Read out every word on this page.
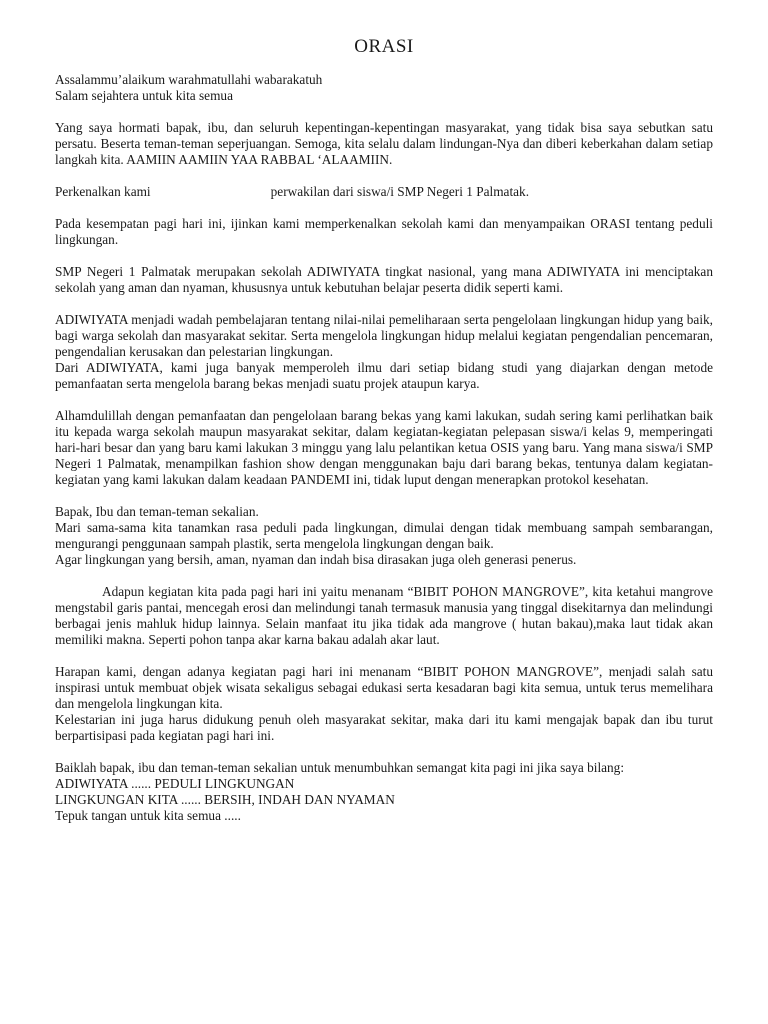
ORASI
Assalammu’alaikum warahmatullahi wabarakatuh
Salam sejahtera untuk kita semua

Yang saya hormati bapak, ibu, dan seluruh kepentingan-kepentingan masyarakat, yang tidak bisa saya sebutkan satu persatu. Beserta teman-teman seperjuangan. Semoga, kita selalu dalam lindungan-Nya dan diberi keberkahan dalam setiap langkah kita. AAMIIN AAMIIN YAA RABBAL ‘ALAAMIIN.

Perkenalkan kami	perwakilan dari siswa/i SMP Negeri 1 Palmatak.

Pada kesempatan pagi hari ini, ijinkan kami memperkenalkan sekolah kami dan menyampaikan ORASI tentang peduli lingkungan.

SMP Negeri 1 Palmatak merupakan sekolah ADIWIYATA tingkat nasional, yang mana ADIWIYATA ini menciptakan sekolah yang aman dan nyaman, khususnya untuk kebutuhan belajar peserta didik seperti kami.

ADIWIYATA menjadi wadah pembelajaran tentang nilai-nilai pemeliharaan serta pengelolaan lingkungan hidup yang baik, bagi warga sekolah dan masyarakat sekitar. Serta mengelola lingkungan hidup melalui kegiatan pengendalian pencemaran, pengendalian kerusakan dan pelestarian lingkungan.

Dari ADIWIYATA, kami juga banyak memperoleh ilmu dari setiap bidang studi yang diajarkan dengan metode pemanfaatan serta mengelola barang bekas menjadi suatu projek ataupun karya.

Alhamdulillah dengan pemanfaatan dan pengelolaan barang bekas yang kami lakukan, sudah sering kami perlihatkan baik itu kepada warga sekolah maupun masyarakat sekitar, dalam kegiatan-kegiatan pelepasan siswa/i kelas 9, memperingati hari-hari besar dan yang baru kami lakukan 3 minggu yang lalu pelantikan ketua OSIS yang baru. Yang mana siswa/i SMP Negeri 1 Palmatak, menampilkan fashion show dengan menggunakan baju dari barang bekas, tentunya dalam kegiatan-kegiatan yang kami lakukan dalam keadaan PANDEMI ini, tidak luput dengan menerapkan protokol kesehatan.

Bapak, Ibu dan teman-teman sekalian.

Mari sama-sama kita tanamkan rasa peduli pada lingkungan, dimulai dengan tidak membuang sampah sembarangan, mengurangi penggunaan sampah plastik, serta mengelola lingkungan dengan baik.

Agar lingkungan yang bersih, aman, nyaman dan indah bisa dirasakan juga oleh generasi penerus.

Adapun kegiatan kita pada pagi hari ini yaitu menanam “BIBIT POHON MANGROVE”, kita ketahui mangrove mengstabil garis pantai, mencegah erosi dan melindungi tanah termasuk manusia yang tinggal disekitarnya dan melindungi berbagai jenis mahluk hidup lainnya. Selain manfaat itu jika tidak ada mangrove ( hutan bakau),maka laut tidak akan memiliki makna. Seperti pohon tanpa akar karna bakau adalah akar laut.

Harapan kami, dengan adanya kegiatan pagi hari ini menanam “BIBIT POHON MANGROVE”, menjadi salah satu inspirasi untuk membuat objek wisata sekaligus sebagai edukasi serta kesadaran bagi kita semua, untuk terus memelihara dan mengelola lingkungan kita.

Kelestarian ini juga harus didukung penuh oleh masyarakat sekitar, maka dari itu kami mengajak bapak dan ibu turut berpartisipasi pada kegiatan pagi hari ini.

Baiklah bapak, ibu dan teman-teman sekalian untuk menumbuhkan semangat kita pagi ini jika saya bilang:
ADIWIYATA ...... PEDULI LINGKUNGAN
LINGKUNGAN KITA ...... BERSIH, INDAH DAN NYAMAN
Tepuk tangan untuk kita semua .....
